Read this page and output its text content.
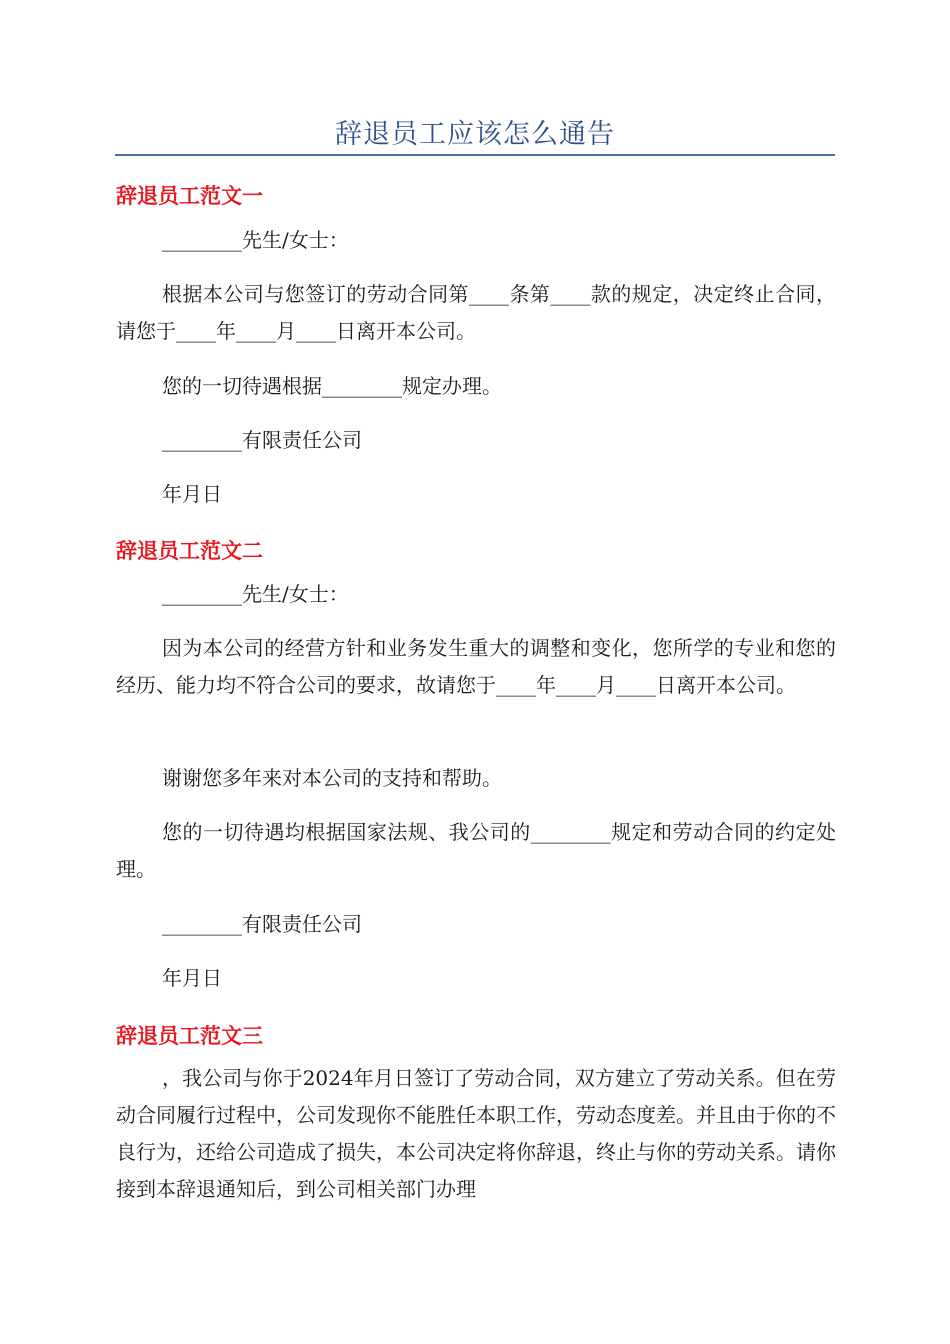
辞退员工应该怎么通告
辞退员工范文一

________先生/女士：

根据本公司与您签订的劳动合同第____条第____款的规定，决定终止合同，请您于____年____月____日离开本公司。

您的一切待遇根据________规定办理。

________有限责任公司

年月日

辞退员工范文二

________先生/女士：

因为本公司的经营方针和业务发生重大的调整和变化，您所学的专业和您的经历、能力均不符合公司的要求，故请您于____年____月____日离开本公司。

谢谢您多年来对本公司的支持和帮助。

您的一切待遇均根据国家法规、我公司的________规定和劳动合同的约定处理。

________有限责任公司

年月日

辞退员工范文三

，我公司与你于2024年月日签订了劳动合同，双方建立了劳动关系。但在劳动合同履行过程中，公司发现你不能胜任本职工作，劳动态度差。并且由于你的不良行为，还给公司造成了损失，本公司决定将你辞退，终止与你的劳动关系。请你接到本辞退通知后，到公司相关部门办理
